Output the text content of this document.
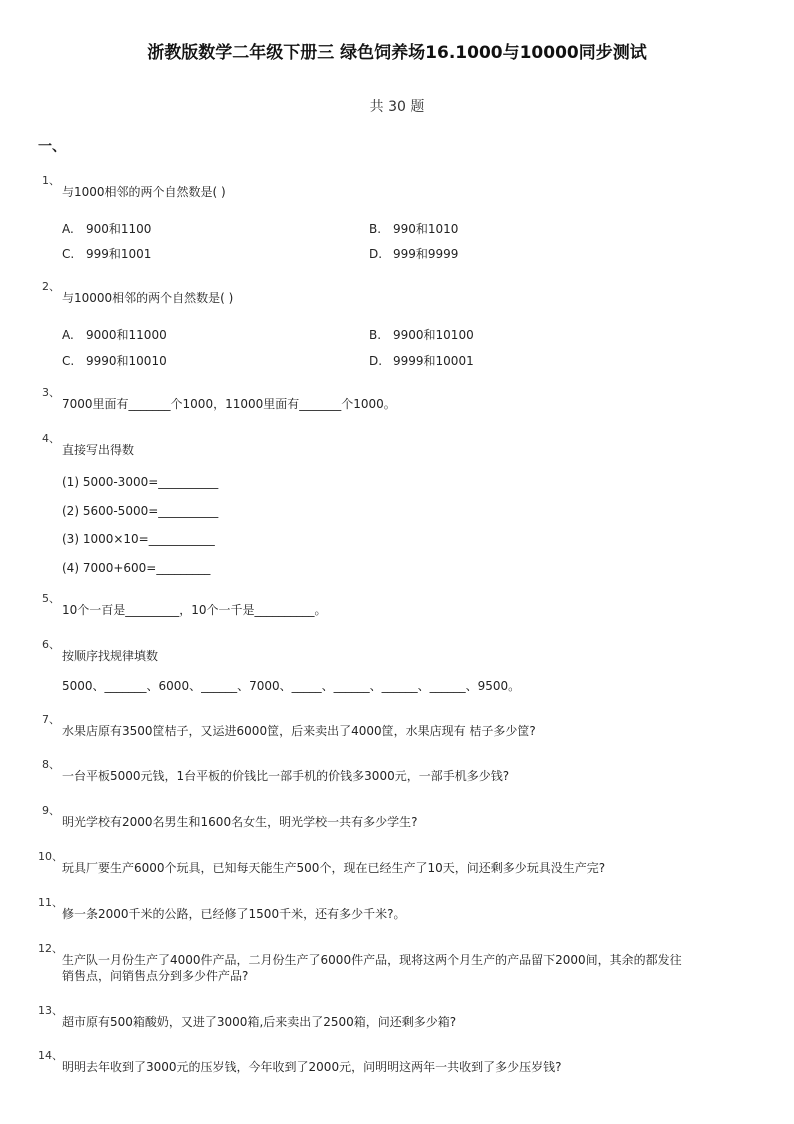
浙教版数学二年级下册三 绿色饲养场16.1000与10000同步测试
共 30 题
一、
1、
与1000相邻的两个自然数是( )
A. 900和1100	B. 990和1010
C. 999和1001	D. 999和9999
2、
与10000相邻的两个自然数是( )
A. 9000和11000	B. 9900和10100
C. 9990和10010	D. 9999和10001
3、
7000里面有_______个1000，11000里面有_______个1000。
4、
直接写出得数
(1) 5000-3000=__________
(2) 5600-5000=__________
(3) 1000×10=___________
(4) 7000+600=_________
5、
10个一百是_________，10个一千是__________。
6、
按顺序找规律填数
5000、_______、6000、______、7000、_____、______、______、______、9500。
7、
水果店原有3500筐桔子，又运进6000筐，后来卖出了4000筐，水果店现有 桔子多少筐?
8、
一台平板5000元钱，1台平板的价钱比一部手机的价钱多3000元，一部手机多少钱?
9、
明光学校有2000名男生和1600名女生，明光学校一共有多少学生?
10、
玩具厂要生产6000个玩具，已知每天能生产500个，现在已经生产了10天，问还剩多少玩具没生产完?
11、
修一条2000千米的公路，已经修了1500千米，还有多少千米?。
12、
生产队一月份生产了4000件产品，二月份生产了6000件产品，现将这两个月生产的产品留下2000间，其余的都发往
销售点，问销售点分到多少件产品?
13、
超市原有500箱酸奶，又进了3000箱,后来卖出了2500箱，问还剩多少箱?
14、
明明去年收到了3000元的压岁钱，今年收到了2000元，问明明这两年一共收到了多少压岁钱?
